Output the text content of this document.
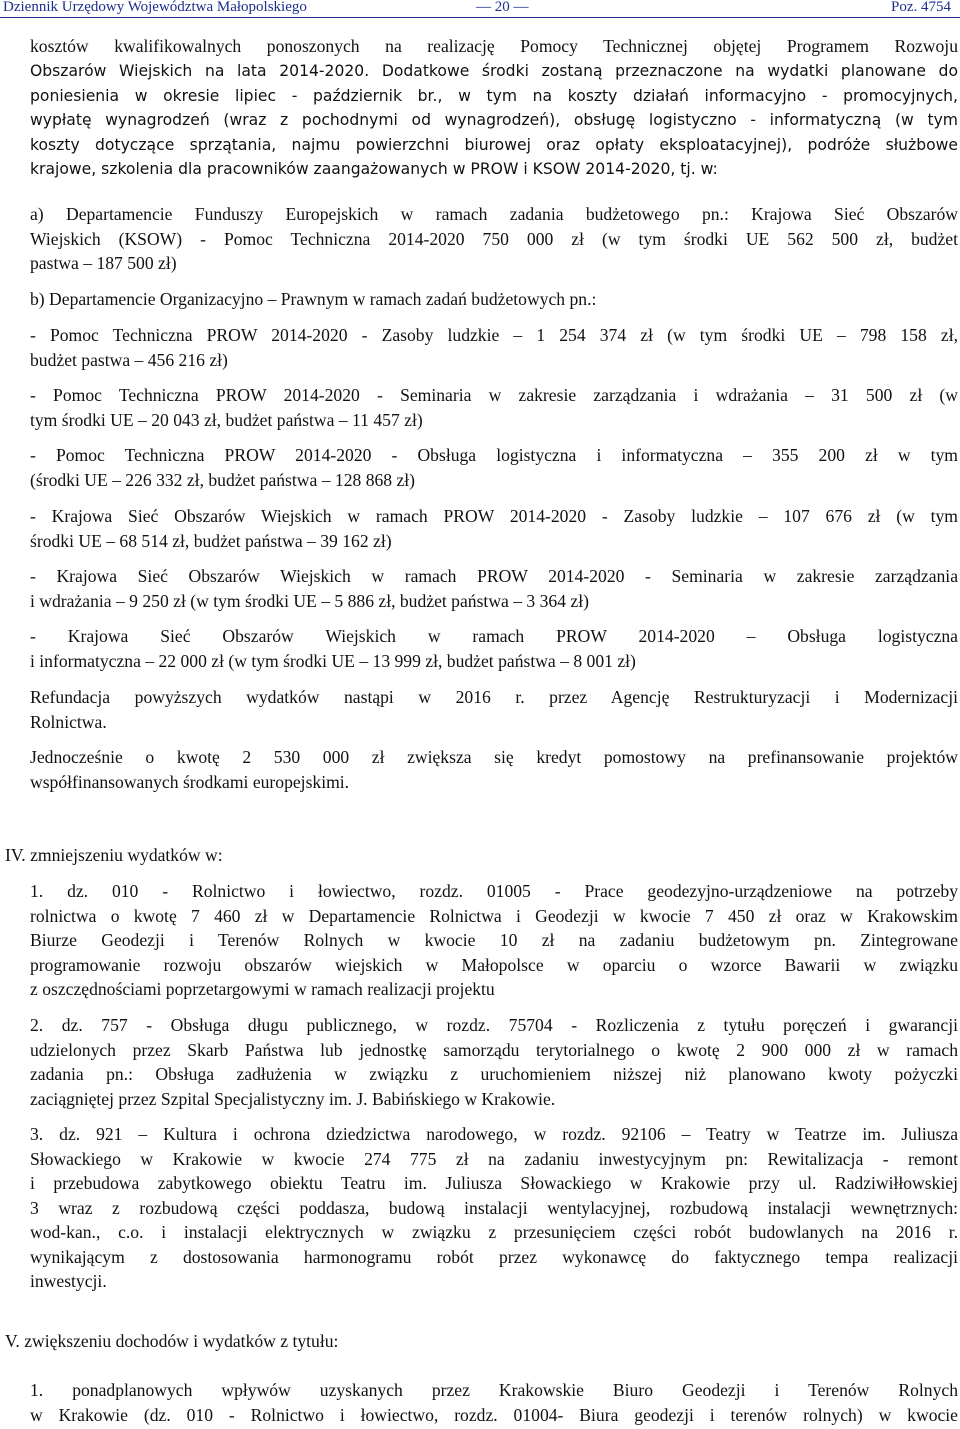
Dziennik Urzędowy Województwa Małopolskiego	— 20 —	Poz. 4754
kosztów kwalifikowalnych ponoszonych na realizację Pomocy Technicznej objętej Programem Rozwoju
Obszarów Wiejskich na lata 2014-2020. Dodatkowe środki zostaną przeznaczone na wydatki planowane do
poniesienia w okresie lipiec - październik br., w tym na koszty działań informacyjno - promocyjnych,
wypłatę wynagrodzeń (wraz z pochodnymi od wynagrodzeń), obsługę logistyczno - informatyczną (w tym
koszty dotyczące sprzątania, najmu powierzchni biurowej oraz opłaty eksploatacyjnej), podróże służbowe
krajowe, szkolenia dla pracowników zaangażowanych w PROW i KSOW 2014-2020, tj. w:
a) Departamencie Funduszy Europejskich w ramach zadania budżetowego pn.: Krajowa Sieć Obszarów
Wiejskich (KSOW) - Pomoc Techniczna 2014-2020 750 000 zł (w tym środki UE 562 500 zł, budżet
pastwa – 187 500 zł)
b) Departamencie Organizacyjno – Prawnym w ramach zadań budżetowych pn.:
- Pomoc Techniczna PROW 2014-2020 - Zasoby ludzkie – 1 254 374 zł (w tym środki UE – 798 158 zł,
budżet pastwa – 456 216 zł)
- Pomoc Techniczna PROW 2014-2020 - Seminaria w zakresie zarządzania i wdrażania – 31 500 zł (w
tym środki UE – 20 043 zł, budżet państwa – 11 457 zł)
- Pomoc Techniczna PROW 2014-2020 - Obsługa logistyczna i informatyczna – 355 200 zł w tym
(środki UE – 226 332 zł, budżet państwa – 128 868 zł)
- Krajowa Sieć Obszarów Wiejskich w ramach PROW 2014-2020 - Zasoby ludzkie – 107 676 zł (w tym
środki UE – 68 514 zł, budżet państwa – 39 162 zł)
- Krajowa Sieć Obszarów Wiejskich w ramach PROW 2014-2020 - Seminaria w zakresie zarządzania
i wdrażania – 9 250 zł (w tym środki UE – 5 886 zł, budżet państwa – 3 364 zł)
- Krajowa Sieć Obszarów Wiejskich w ramach PROW 2014-2020 – Obsługa logistyczna
i informatyczna – 22 000 zł (w tym środki UE – 13 999 zł, budżet państwa – 8 001 zł)
Refundacja powyższych wydatków nastąpi w 2016 r. przez Agencję Restrukturyzacji i Modernizacji
Rolnictwa.
Jednocześnie o kwotę 2 530 000 zł zwiększa się kredyt pomostowy na prefinansowanie projektów
współfinansowanych środkami europejskimi.
IV. zmniejszeniu wydatków w:
1. dz. 010 - Rolnictwo i łowiectwo, rozdz. 01005 - Prace geodezyjno-urządzeniowe na potrzeby
rolnictwa o kwotę 7 460 zł w Departamencie Rolnictwa i Geodezji w kwocie 7 450 zł oraz w Krakowskim
Biurze Geodezji i Terenów Rolnych w kwocie 10 zł na zadaniu budżetowym pn. Zintegrowane
programowanie rozwoju obszarów wiejskich w Małopolsce w oparciu o wzorce Bawarii w związku
z oszczędnościami poprzetargowymi w ramach realizacji projektu
2. dz. 757 - Obsługa długu publicznego, w rozdz. 75704 - Rozliczenia z tytułu poręczeń i gwarancji
udzielonych przez Skarb Państwa lub jednostkę samorządu terytorialnego o kwotę 2 900 000 zł w ramach
zadania pn.: Obsługa zadłużenia w związku z uruchomieniem niższej niż planowano kwoty pożyczki
zaciągniętej przez Szpital Specjalistyczny im. J. Babińskiego w Krakowie.
3. dz. 921 – Kultura i ochrona dziedzictwa narodowego, w rozdz. 92106 – Teatry w Teatrze im. Juliusza
Słowackiego w Krakowie w kwocie 274 775 zł na zadaniu inwestycyjnym pn: Rewitalizacja - remont
i przebudowa zabytkowego obiektu Teatru im. Juliusza Słowackiego w Krakowie przy ul. Radziwiłłowskiej
3 wraz z rozbudową części poddasza, budową instalacji wentylacyjnej, rozbudową instalacji wewnętrznych:
wod-kan., c.o. i instalacji elektrycznych w związku z przesunięciem części robót budowlanych na 2016 r.
wynikającym z dostosowania harmonogramu robót przez wykonawcę do faktycznego tempa realizacji
inwestycji.
V. zwiększeniu dochodów i wydatków z tytułu:
1. ponadplanowych wpływów uzyskanych przez Krakowskie Biuro Geodezji i Terenów Rolnych
w Krakowie (dz. 010 - Rolnictwo i łowiectwo, rozdz. 01004- Biura geodezji i terenów rolnych) w kwocie
